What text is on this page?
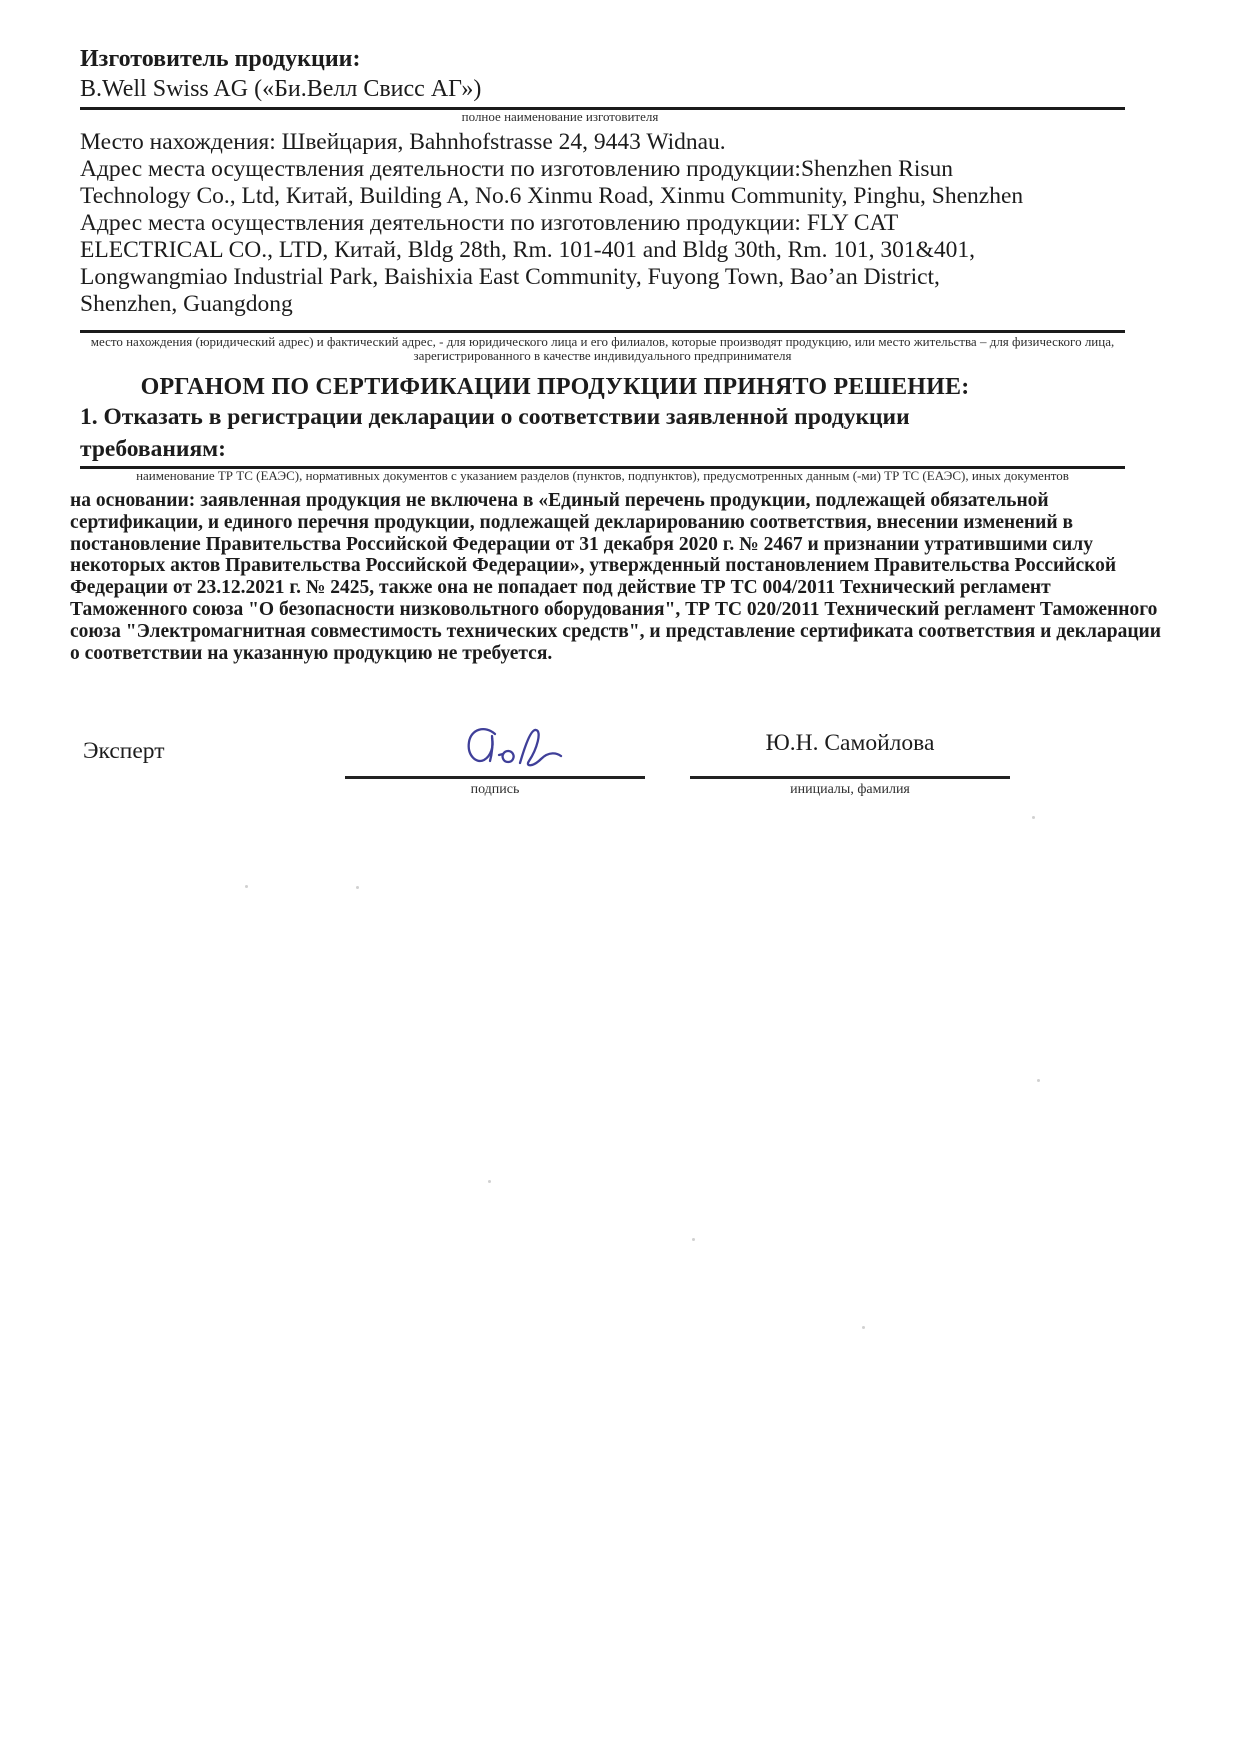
Изготовитель продукции:
B.Well Swiss AG («Би.Велл Свисс АГ»)
полное наименование изготовителя
Место нахождения: Швейцария, Bahnhofstrasse 24, 9443 Widnau.
Адрес места осуществления деятельности по изготовлению продукции:Shenzhen Risun Technology Co., Ltd, Китай, Building A, No.6 Xinmu Road, Xinmu Community, Pinghu, Shenzhen
Адрес места осуществления деятельности по изготовлению продукции: FLY CAT ELECTRICAL CO., LTD, Китай, Bldg 28th, Rm. 101-401 and Bldg 30th, Rm. 101, 301&401, Longwangmiao Industrial Park, Baishixia East Community, Fuyong Town, Bao’an District, Shenzhen, Guangdong
место нахождения (юридический адрес) и фактический адрес, - для юридического лица и его филиалов, которые производят продукцию, или место жительства – для физического лица, зарегистрированного в качестве индивидуального предпринимателя
ОРГАНОМ ПО СЕРТИФИКАЦИИ ПРОДУКЦИИ ПРИНЯТО РЕШЕНИЕ:
1. Отказать в регистрации декларации о соответствии заявленной продукции требованиям:
наименование ТР ТС (ЕАЭС), нормативных документов с указанием разделов (пунктов, подпунктов), предусмотренных данным (-ми) ТР ТС (ЕАЭС), иных документов
на основании: заявленная продукция не включена в «Единый перечень продукции, подлежащей обязательной сертификации, и единого перечня продукции, подлежащей декларированию соответствия, внесении изменений в постановление Правительства Российской Федерации от 31 декабря 2020 г. № 2467 и признании утратившими силу некоторых актов Правительства Российской Федерации», утвержденный постановлением Правительства Российской Федерации от 23.12.2021 г. № 2425, также она не попадает под действие ТР ТС 004/2011 Технический регламент Таможенного союза "О безопасности низковольтного оборудования", ТР ТС 020/2011 Технический регламент Таможенного союза "Электромагнитная совместимость технических средств", и представление сертификата соответствия и декларации о соответствии на указанную продукцию не требуется.
Эксперт
подпись
Ю.Н. Самойлова
инициалы, фамилия
